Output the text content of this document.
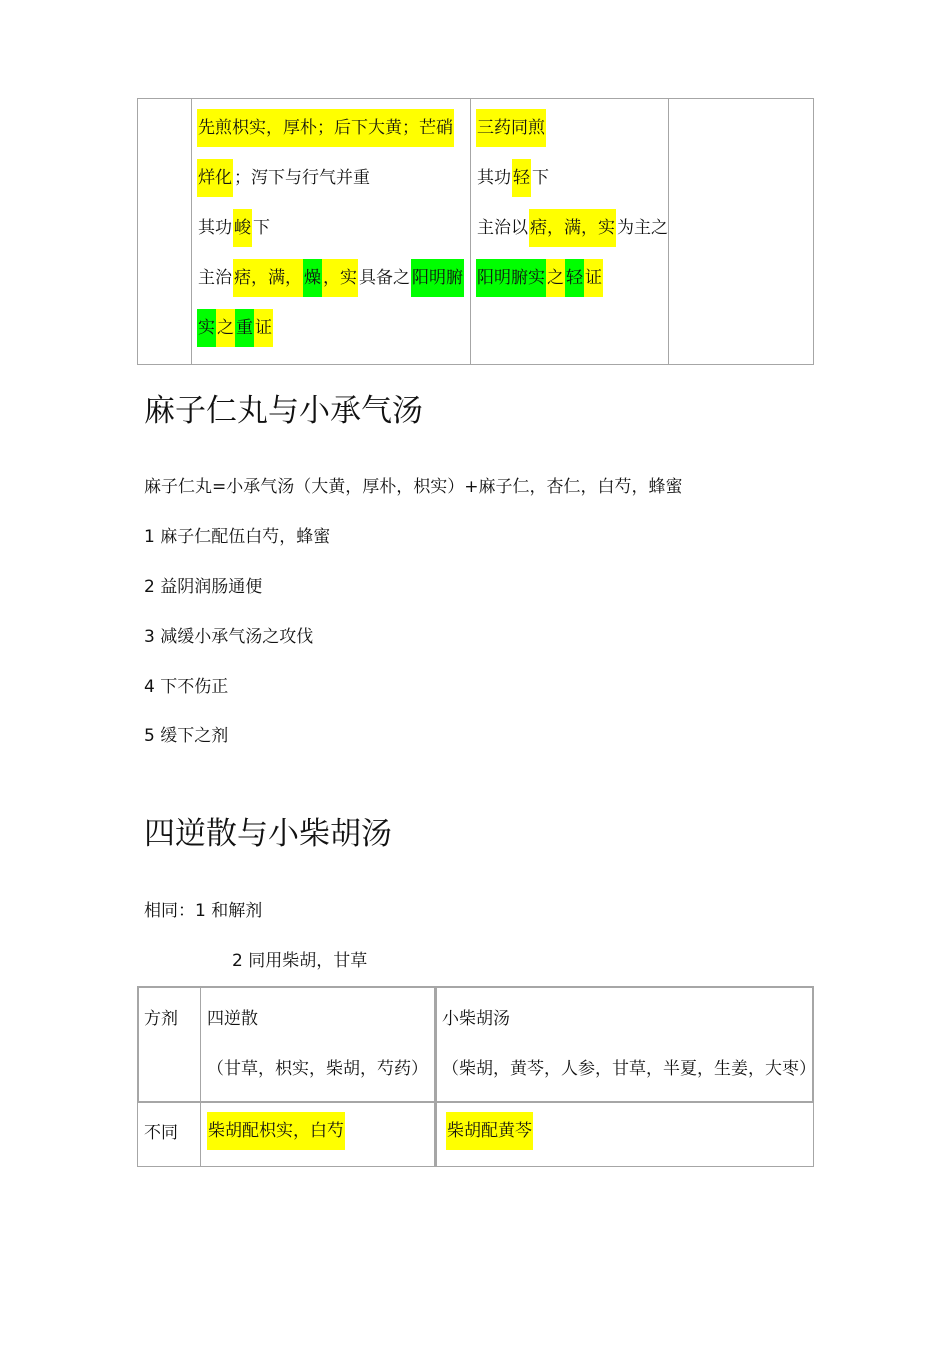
先煎枳实，厚朴；后下大黄；芒硝
烊化 ；泻下与行气并重
其功 峻 下
主治 痞，满， 燥 ，实 具备之 阳明腑
实 之 重 证
三药同煎
其功 轻 下
主治以 痞，满，实 为主之
阳明腑实 之 轻 证
麻子仁丸与小承气汤
麻子仁丸=小承气汤（大黄，厚朴，枳实）+麻子仁，杏仁，白芍，蜂蜜
1 麻子仁配伍白芍，蜂蜜
2 益阴润肠通便
3 减缓小承气汤之攻伐
4 下不伤正
5 缓下之剂
四逆散与小柴胡汤
相同：1 和解剂
2 同用柴胡，甘草
方剂 四逆散
（甘草，枳实，柴胡，芍药）
小柴胡汤
（柴胡，黄芩，人参，甘草，半夏，生姜，大枣）
不同 柴胡配枳实，白芍	柴胡配黄芩
